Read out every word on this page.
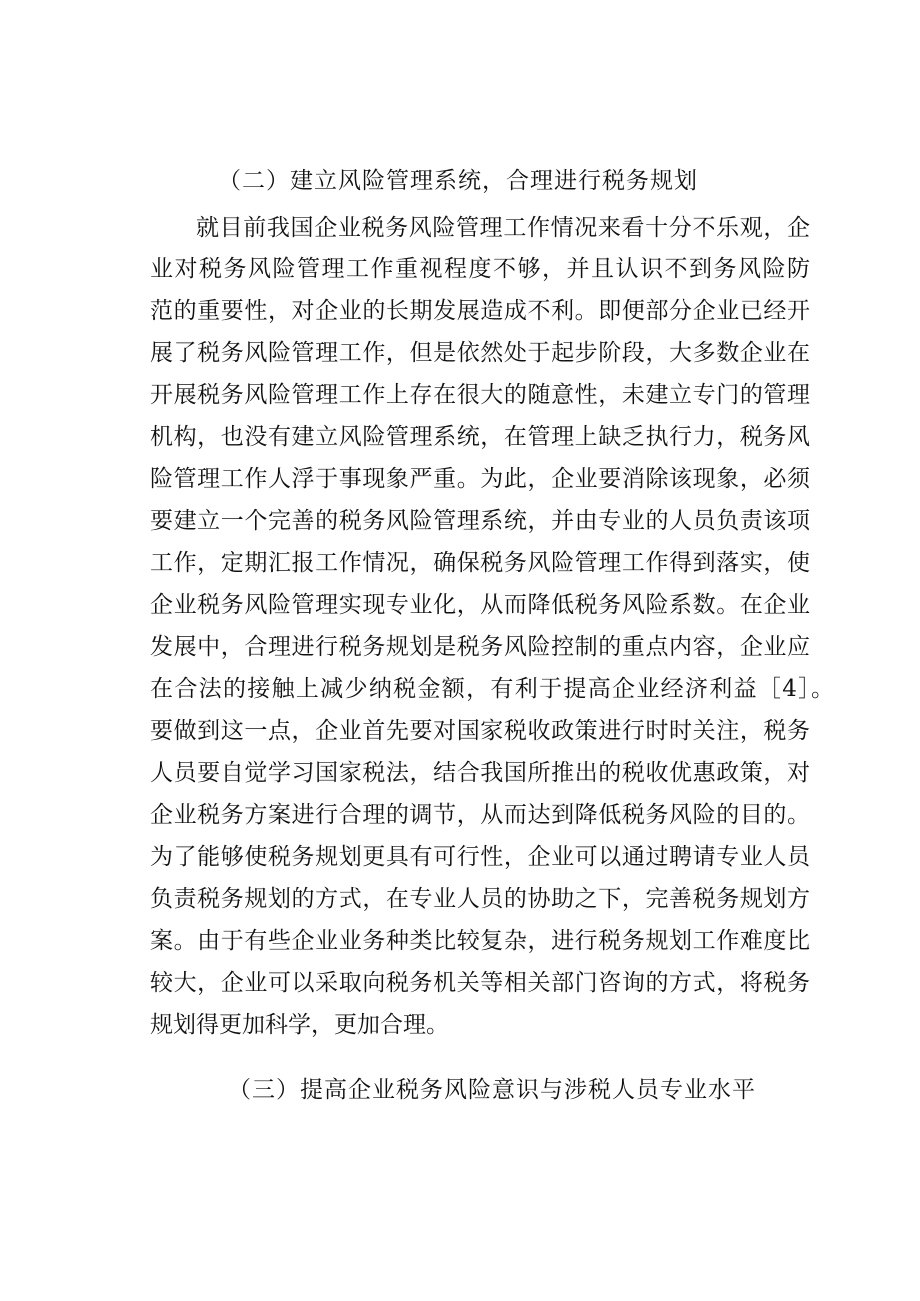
（二）建立风险管理系统，合理进行税务规划
就目前我国企业税务风险管理工作情况来看十分不乐观，企
业对税务风险管理工作重视程度不够，并且认识不到务风险防
范的重要性，对企业的长期发展造成不利。即便部分企业已经开
展了税务风险管理工作，但是依然处于起步阶段，大多数企业在
开展税务风险管理工作上存在很大的随意性，未建立专门的管理
机构，也没有建立风险管理系统，在管理上缺乏执行力，税务风
险管理工作人浮于事现象严重。为此，企业要消除该现象，必须
要建立一个完善的税务风险管理系统，并由专业的人员负责该项
工作，定期汇报工作情况，确保税务风险管理工作得到落实，使
企业税务风险管理实现专业化，从而降低税务风险系数。在企业
发展中，合理进行税务规划是税务风险控制的重点内容，企业应
在合法的接触上减少纳税金额，有利于提高企业经济利益［4］。
要做到这一点，企业首先要对国家税收政策进行时时关注，税务
人员要自觉学习国家税法，结合我国所推出的税收优惠政策，对
企业税务方案进行合理的调节，从而达到降低税务风险的目的。
为了能够使税务规划更具有可行性，企业可以通过聘请专业人员
负责税务规划的方式，在专业人员的协助之下，完善税务规划方
案。由于有些企业业务种类比较复杂，进行税务规划工作难度比
较大，企业可以采取向税务机关等相关部门咨询的方式，将税务
规划得更加科学，更加合理。
（三）提高企业税务风险意识与涉税人员专业水平
